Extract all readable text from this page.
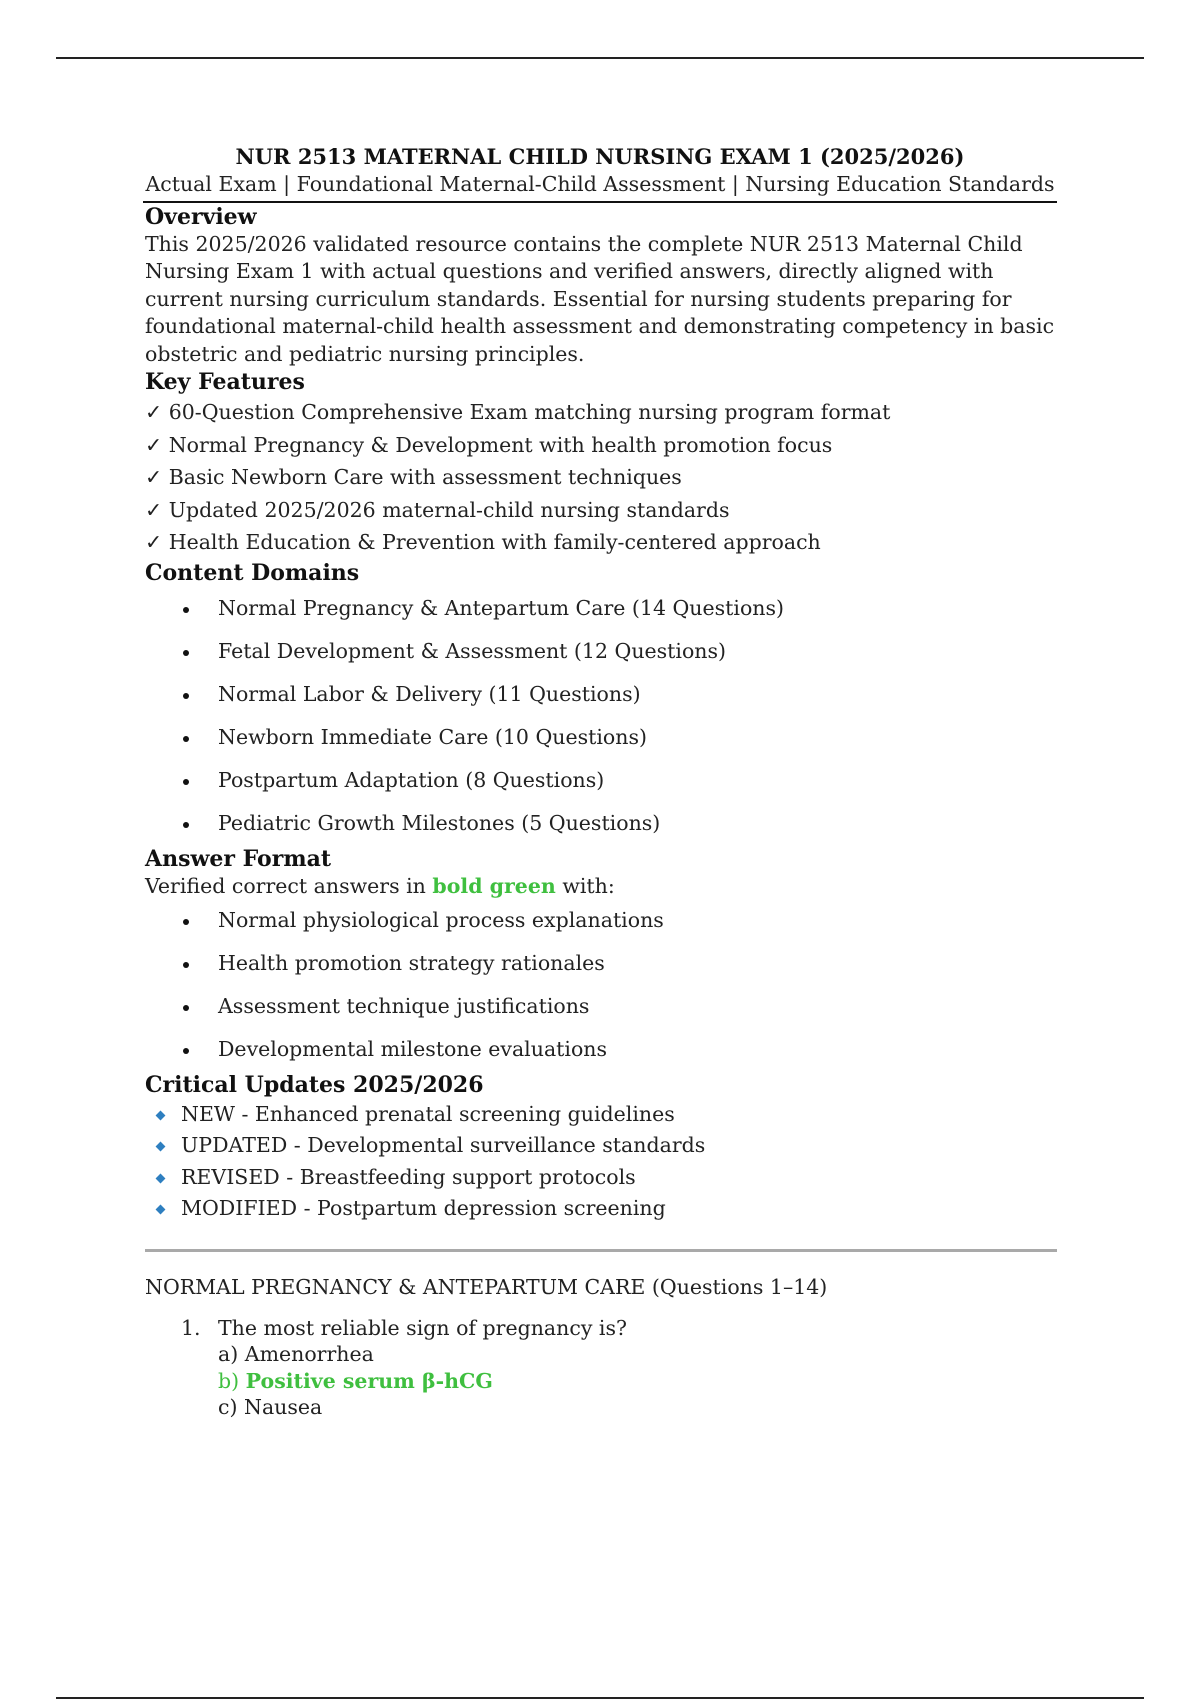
NUR 2513 MATERNAL CHILD NURSING EXAM 1 (2025/2026)
Actual Exam | Foundational Maternal-Child Assessment | Nursing Education Standards
Overview

This 2025/2026 validated resource contains the complete NUR 2513 Maternal Child Nursing Exam 1 with actual questions and verified answers, directly aligned with current nursing curriculum standards. Essential for nursing students preparing for foundational maternal-child health assessment and demonstrating competency in basic obstetric and pediatric nursing principles.

Key Features
✓ 60-Question Comprehensive Exam matching nursing program format
✓ Normal Pregnancy & Development with health promotion focus
✓ Basic Newborn Care with assessment techniques
✓ Updated 2025/2026 maternal-child nursing standards
✓ Health Education & Prevention with family-centered approach
Content Domains
Normal Pregnancy & Antepartum Care (14 Questions)
Fetal Development & Assessment (12 Questions)
Normal Labor & Delivery (11 Questions)
Newborn Immediate Care (10 Questions)
Postpartum Adaptation (8 Questions)
Pediatric Growth Milestones (5 Questions)
Answer Format

Verified correct answers in bold green with:

Normal physiological process explanations
Health promotion strategy rationales
Assessment technique justifications
Developmental milestone evaluations
Critical Updates 2025/2026
NEW - Enhanced prenatal screening guidelines
UPDATED - Developmental surveillance standards
REVISED - Breastfeeding support protocols
MODIFIED - Postpartum depression screening
NORMAL PREGNANCY & ANTEPARTUM CARE (Questions 1–14)
1. The most reliable sign of pregnancy is?
a) Amenorrhea
b) Positive serum β-hCG
c) Nausea
